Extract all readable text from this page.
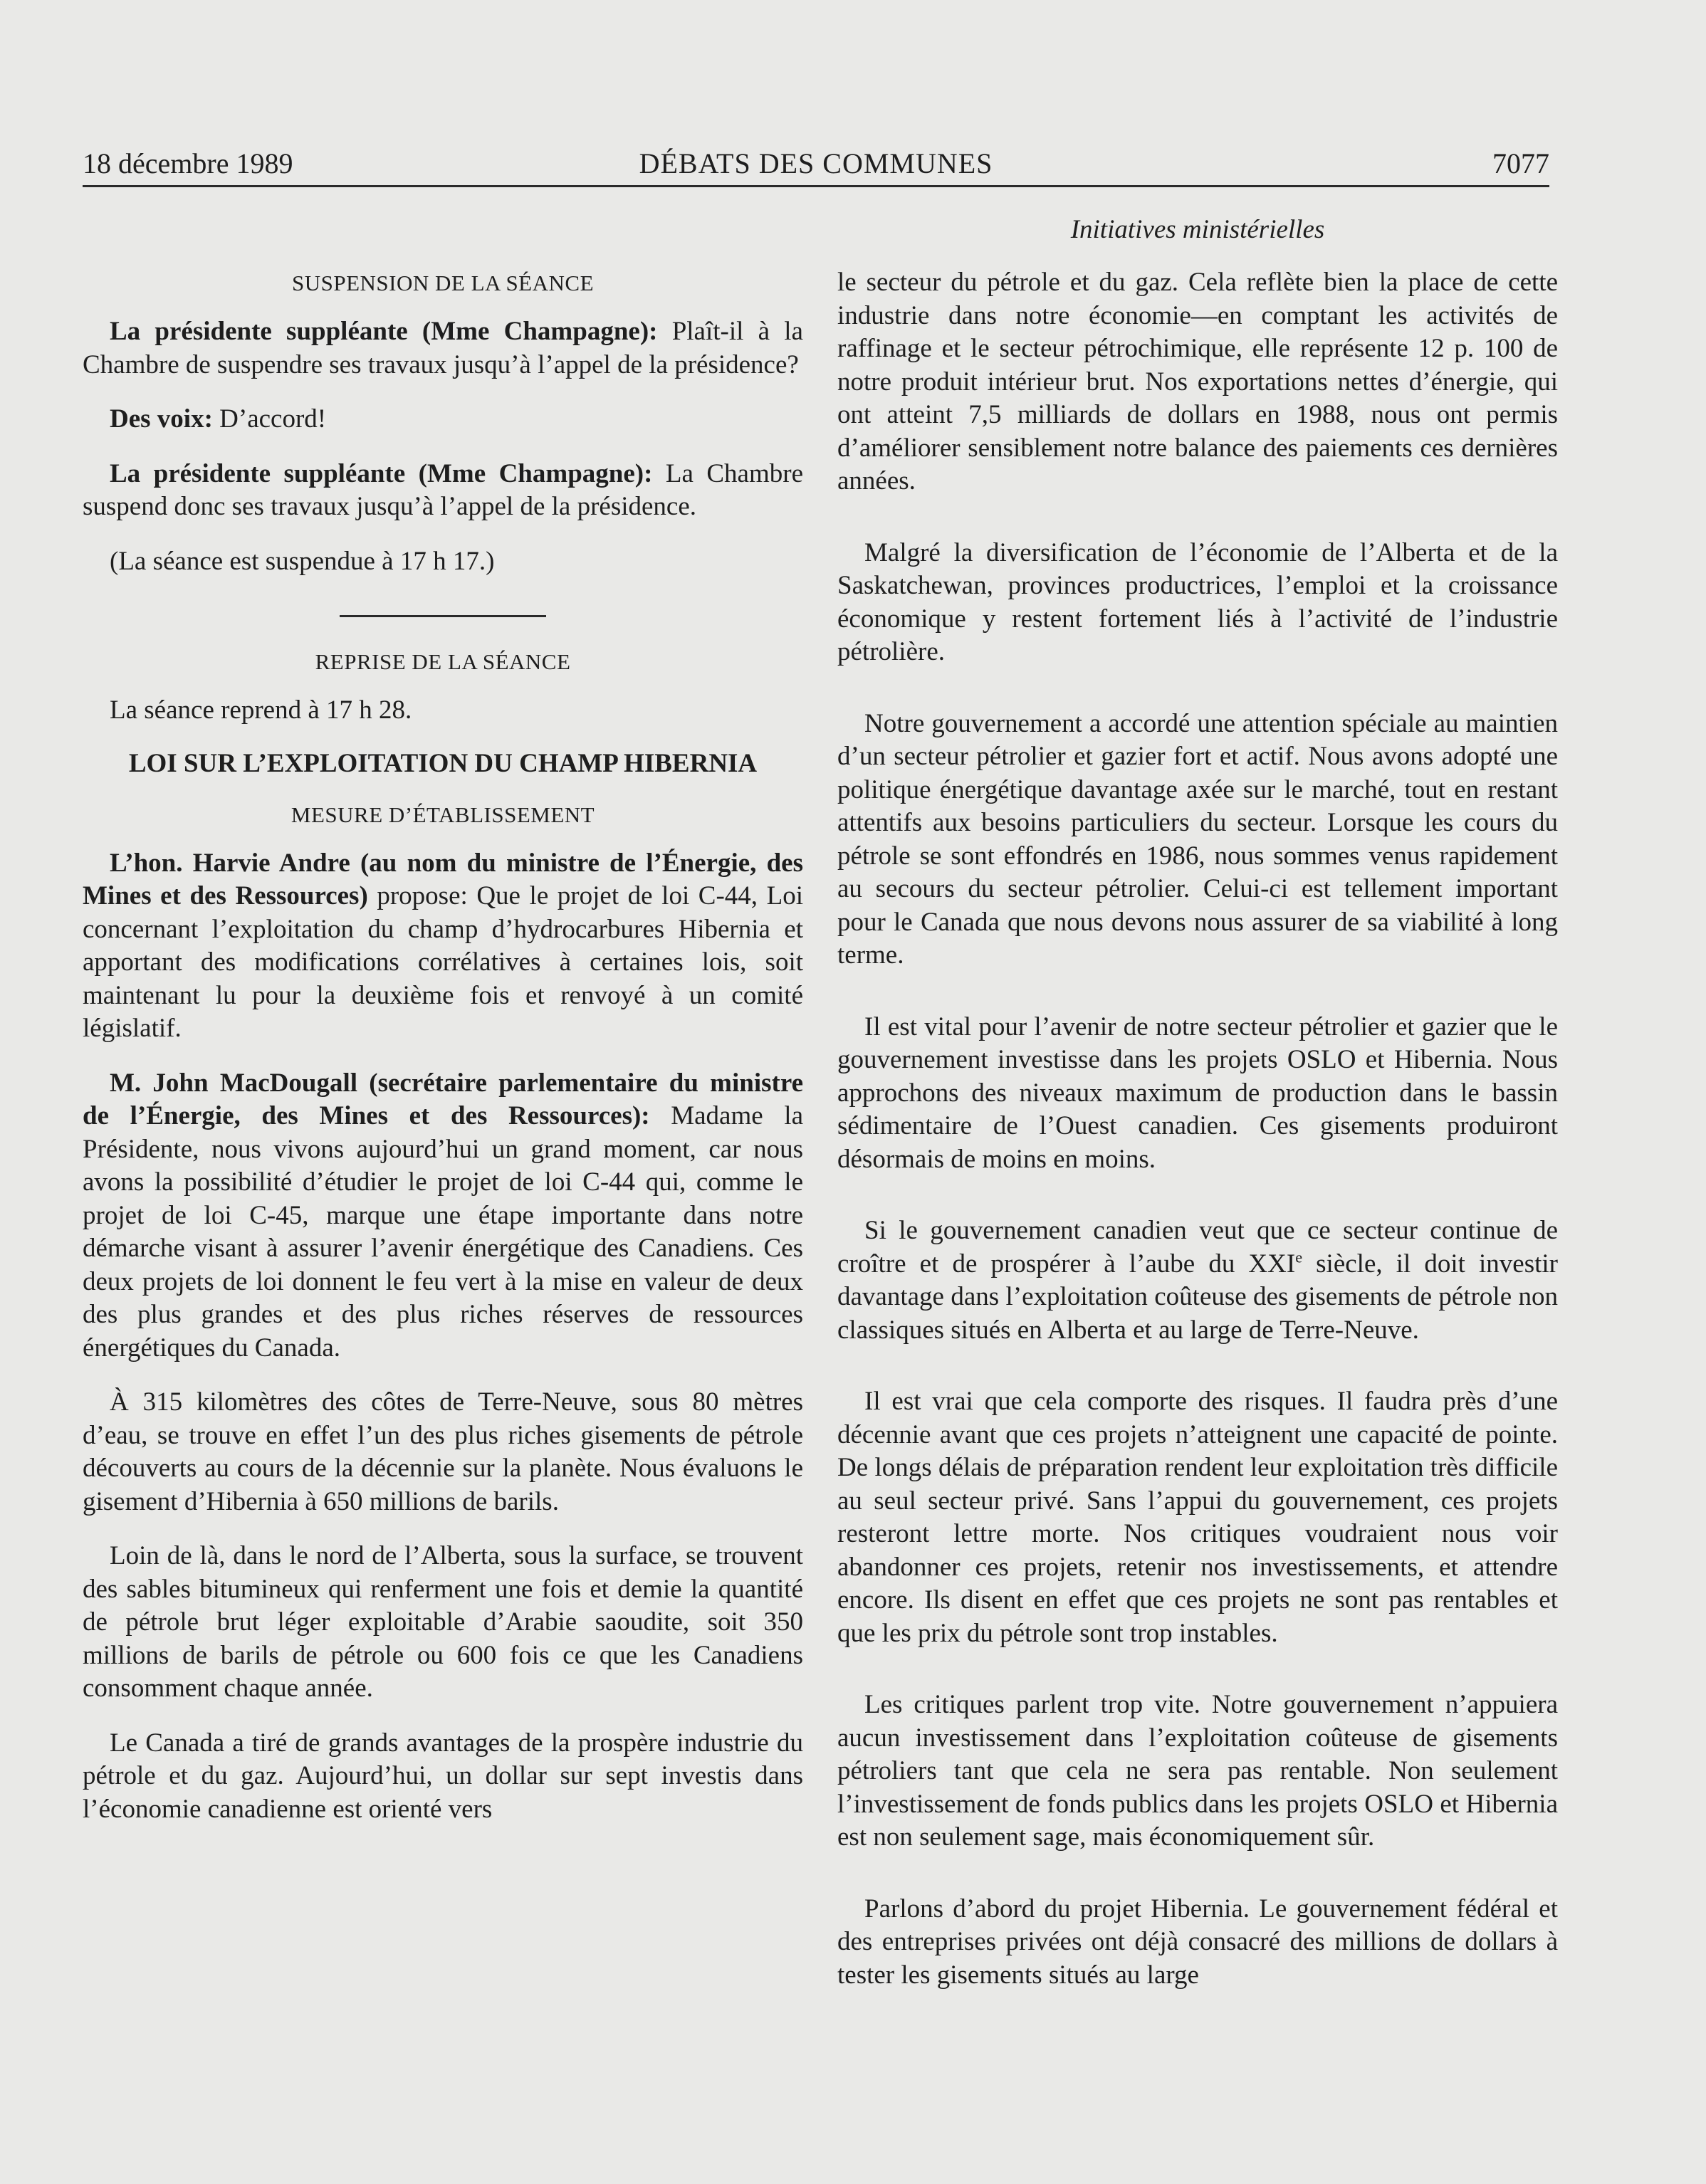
18 décembre 1989	DÉBATS DES COMMUNES	7077
SUSPENSION DE LA SÉANCE

La présidente suppléante (Mme Champagne): Plaît-il à la Chambre de suspendre ses travaux jusqu’à l’appel de la présidence?

Des voix: D’accord!

La présidente suppléante (Mme Champagne): La Chambre suspend donc ses travaux jusqu’à l’appel de la présidence.

(La séance est suspendue à 17 h 17.)

REPRISE DE LA SÉANCE

La séance reprend à 17 h 28.

LOI SUR L’EXPLOITATION DU CHAMP HIBERNIA
MESURE D’ÉTABLISSEMENT

L’hon. Harvie Andre (au nom du ministre de l’Énergie, des Mines et des Ressources) propose: Que le projet de loi C-44, Loi concernant l’exploitation du champ d’hydrocarbures Hibernia et apportant des modifications corrélatives à certaines lois, soit maintenant lu pour la deuxième fois et renvoyé à un comité législatif.

M. John MacDougall (secrétaire parlementaire du ministre de l’Énergie, des Mines et des Ressources): Madame la Présidente, nous vivons aujourd’hui un grand moment, car nous avons la possibilité d’étudier le projet de loi C-44 qui, comme le projet de loi C-45, marque une étape importante dans notre démarche visant à assurer l’avenir énergétique des Canadiens. Ces deux projets de loi donnent le feu vert à la mise en valeur de deux des plus grandes et des plus riches réserves de ressources énergétiques du Canada.

À 315 kilomètres des côtes de Terre-Neuve, sous 80 mètres d’eau, se trouve en effet l’un des plus riches gisements de pétrole découverts au cours de la décennie sur la planète. Nous évaluons le gisement d’Hibernia à 650 millions de barils.

Loin de là, dans le nord de l’Alberta, sous la surface, se trouvent des sables bitumineux qui renferment une fois et demie la quantité de pétrole brut léger exploitable d’Arabie saoudite, soit 350 millions de barils de pétrole ou 600 fois ce que les Canadiens consomment chaque année.

Le Canada a tiré de grands avantages de la prospère industrie du pétrole et du gaz. Aujourd’hui, un dollar sur sept investis dans l’économie canadienne est orienté vers

Initiatives ministérielles

le secteur du pétrole et du gaz. Cela reflète bien la place de cette industrie dans notre économie—en comptant les activités de raffinage et le secteur pétrochimique, elle représente 12 p. 100 de notre produit intérieur brut. Nos exportations nettes d’énergie, qui ont atteint 7,5 milliards de dollars en 1988, nous ont permis d’améliorer sensiblement notre balance des paiements ces dernières années.

Malgré la diversification de l’économie de l’Alberta et de la Saskatchewan, provinces productrices, l’emploi et la croissance économique y restent fortement liés à l’activité de l’industrie pétrolière.

Notre gouvernement a accordé une attention spéciale au maintien d’un secteur pétrolier et gazier fort et actif. Nous avons adopté une politique énergétique davantage axée sur le marché, tout en restant attentifs aux besoins particuliers du secteur. Lorsque les cours du pétrole se sont effondrés en 1986, nous sommes venus rapidement au secours du secteur pétrolier. Celui-ci est tellement important pour le Canada que nous devons nous assurer de sa viabilité à long terme.

Il est vital pour l’avenir de notre secteur pétrolier et gazier que le gouvernement investisse dans les projets OSLO et Hibernia. Nous approchons des niveaux maximum de production dans le bassin sédimentaire de l’Ouest canadien. Ces gisements produiront désormais de moins en moins.

Si le gouvernement canadien veut que ce secteur continue de croître et de prospérer à l’aube du XXIe siècle, il doit investir davantage dans l’exploitation coûteuse des gisements de pétrole non classiques situés en Alberta et au large de Terre-Neuve.

Il est vrai que cela comporte des risques. Il faudra près d’une décennie avant que ces projets n’atteignent une capacité de pointe. De longs délais de préparation rendent leur exploitation très difficile au seul secteur privé. Sans l’appui du gouvernement, ces projets resteront lettre morte. Nos critiques voudraient nous voir abandonner ces projets, retenir nos investissements, et attendre encore. Ils disent en effet que ces projets ne sont pas rentables et que les prix du pétrole sont trop instables.

Les critiques parlent trop vite. Notre gouvernement n’appuiera aucun investissement dans l’exploitation coûteuse de gisements pétroliers tant que cela ne sera pas rentable. Non seulement l’investissement de fonds publics dans les projets OSLO et Hibernia est non seulement sage, mais économiquement sûr.

Parlons d’abord du projet Hibernia. Le gouvernement fédéral et des entreprises privées ont déjà consacré des millions de dollars à tester les gisements situés au large
